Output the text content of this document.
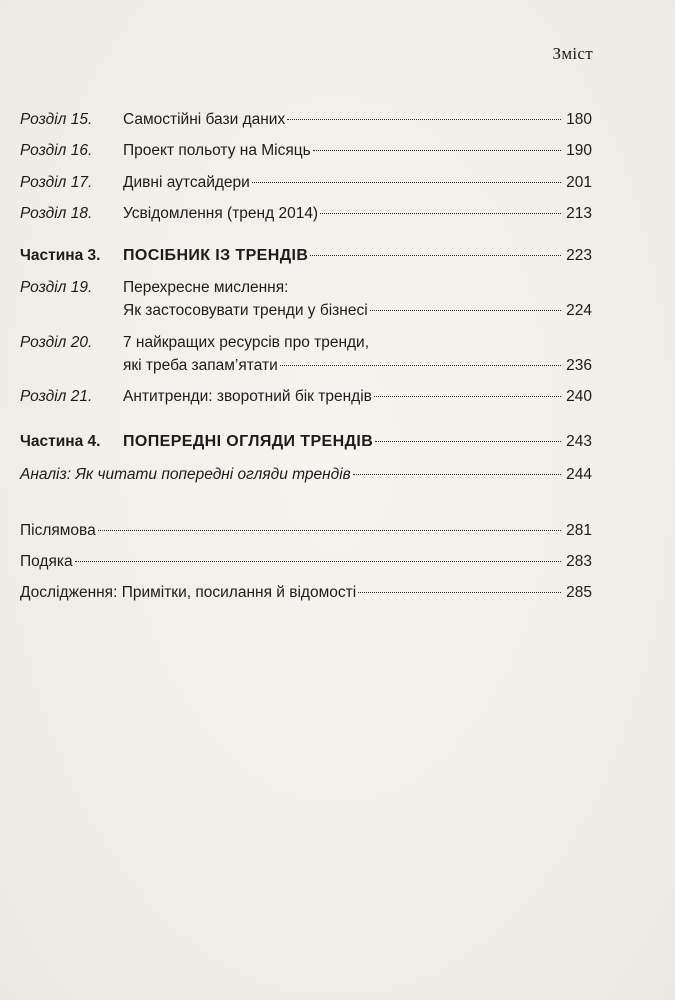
Зміст
Розділ 15. Самостійні бази даних	180
Розділ 16. Проект польоту на Місяць	190
Розділ 17. Дивні аутсайдери	201
Розділ 18. Усвідомлення (тренд 2014)	213
Частина 3. ПОСІБНИК ІЗ ТРЕНДІВ	223
Розділ 19. Перехресне мислення:
Як застосовувати тренди у бізнесі	224
Розділ 20. 7 найкращих ресурсів про тренди,
які треба запам’ятати	236
Розділ 21. Антитренди: зворотний бік трендів	240
Частина 4. ПОПЕРЕДНІ ОГЛЯДИ ТРЕНДІВ	243
Аналіз: Як читати попередні огляди трендів	244
Післямова	281
Подяка	283
Дослідження: Примітки, посилання й відомості	285
